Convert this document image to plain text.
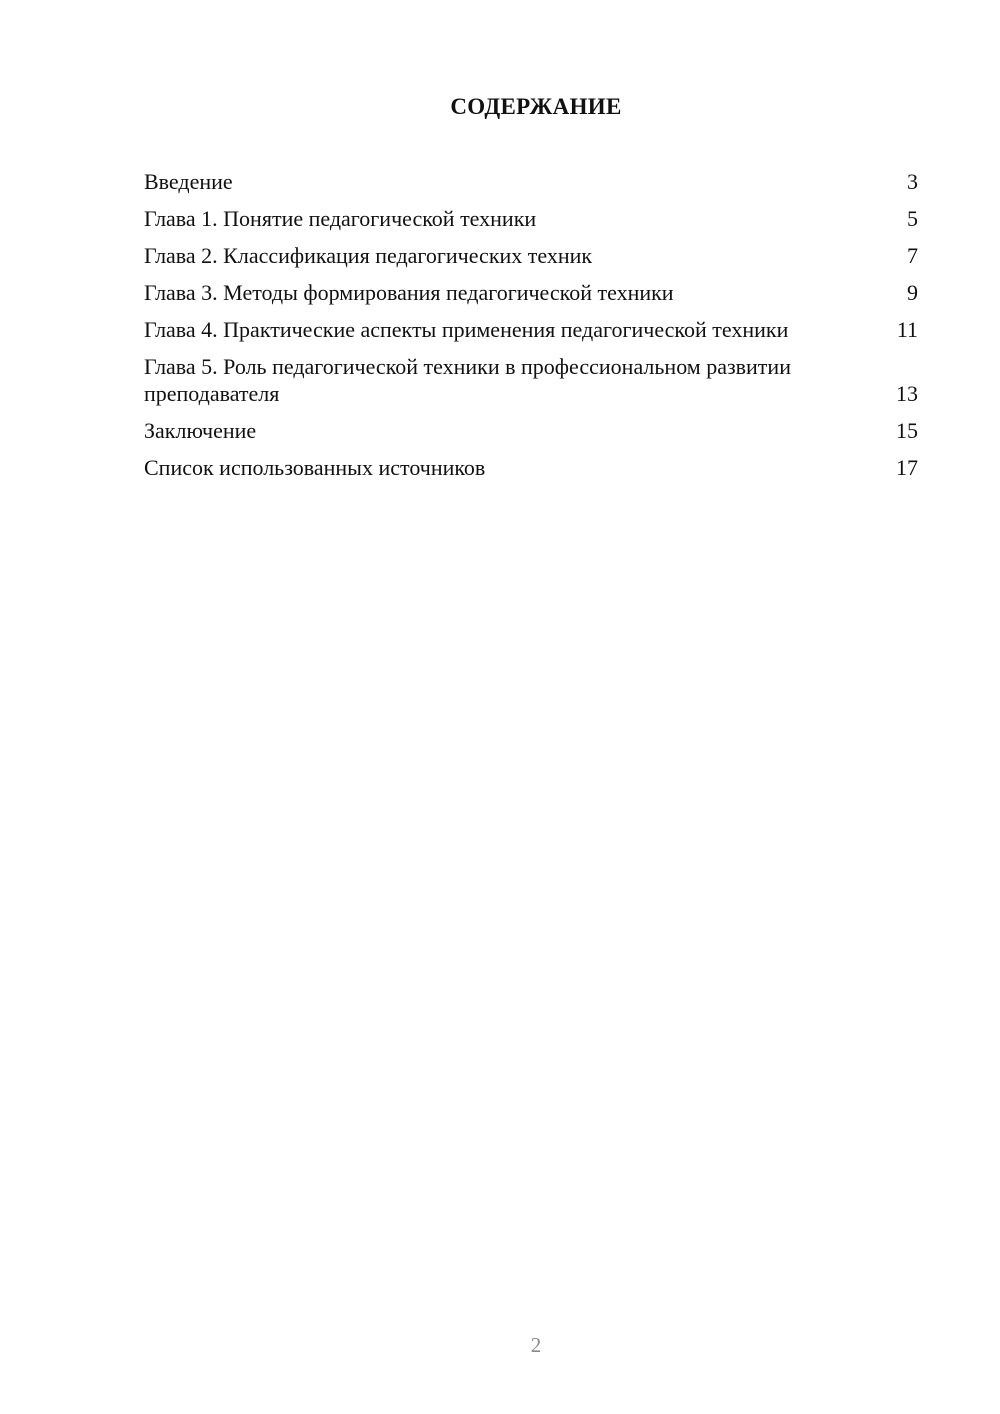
СОДЕРЖАНИЕ
Введение	3
Глава 1. Понятие педагогической техники	5
Глава 2. Классификация педагогических техник	7
Глава 3. Методы формирования педагогической техники	9
Глава 4. Практические аспекты применения педагогической техники	11
Глава 5. Роль педагогической техники в профессиональном развитии преподавателя	13
Заключение	15
Список использованных источников	17
2
